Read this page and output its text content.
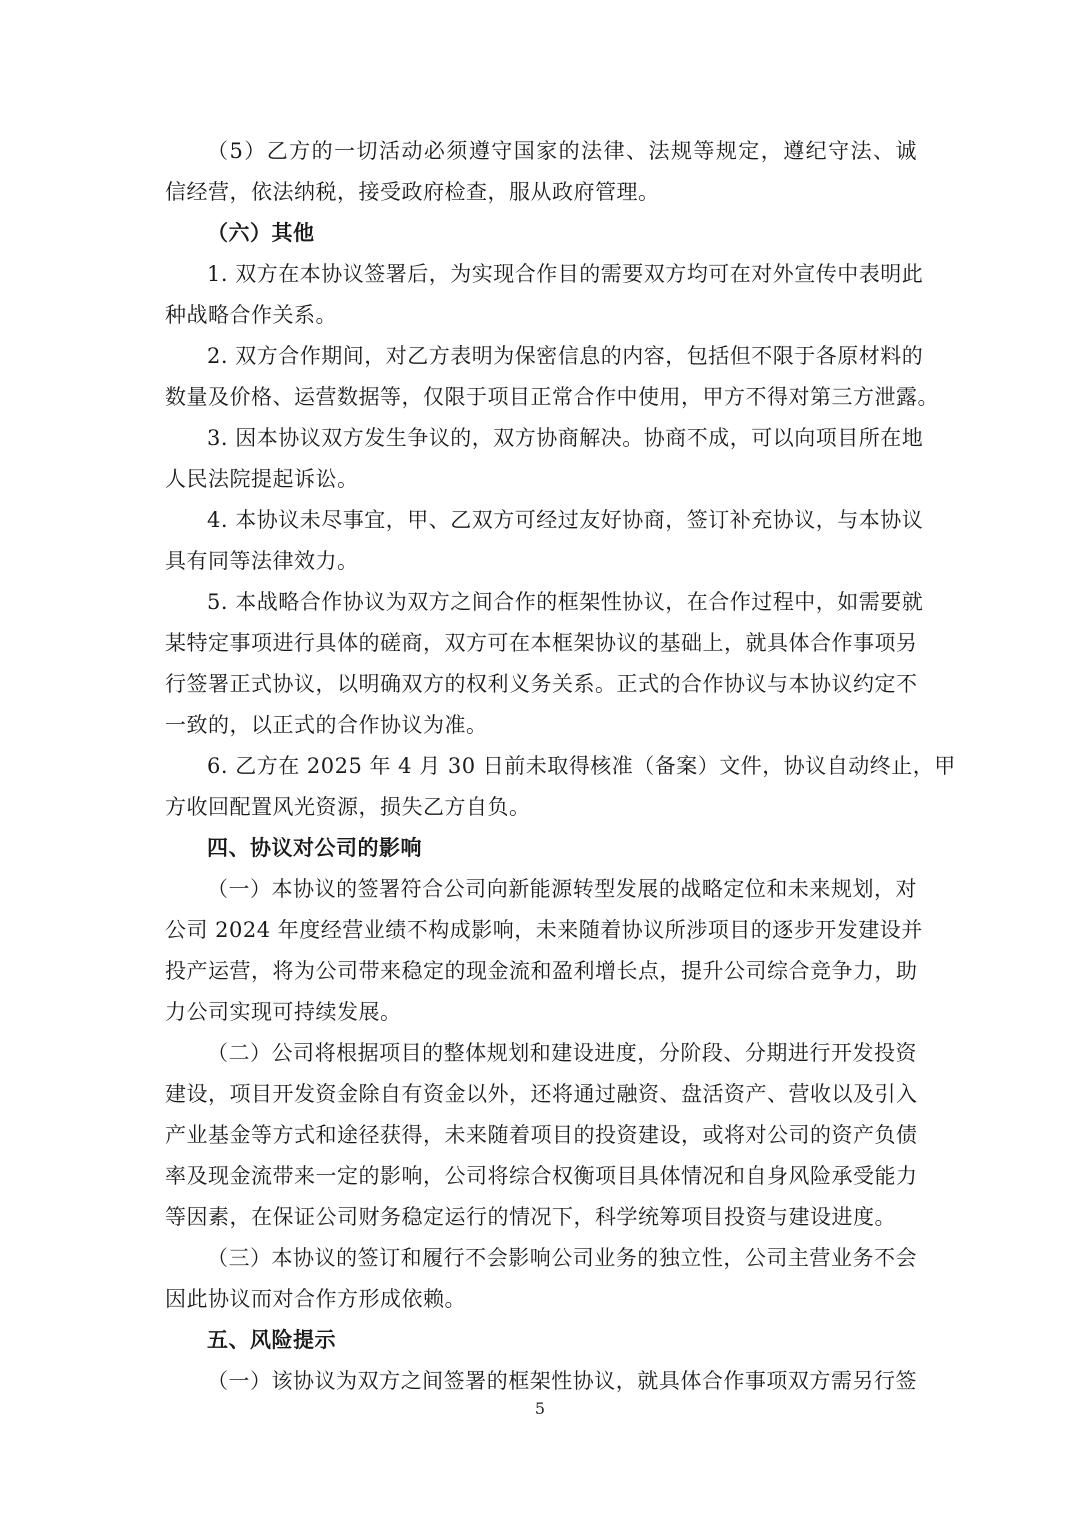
（5）乙方的一切活动必须遵守国家的法律、法规等规定，遵纪守法、诚
信经营，依法纳税，接受政府检查，服从政府管理。
（六）其他
1. 双方在本协议签署后，为实现合作目的需要双方均可在对外宣传中表明此
种战略合作关系。
2. 双方合作期间，对乙方表明为保密信息的内容，包括但不限于各原材料的
数量及价格、运营数据等，仅限于项目正常合作中使用，甲方不得对第三方泄露。
3. 因本协议双方发生争议的，双方协商解决。协商不成，可以向项目所在地
人民法院提起诉讼。
4. 本协议未尽事宜，甲、乙双方可经过友好协商，签订补充协议，与本协议
具有同等法律效力。
5. 本战略合作协议为双方之间合作的框架性协议，在合作过程中，如需要就
某特定事项进行具体的磋商，双方可在本框架协议的基础上，就具体合作事项另
行签署正式协议，以明确双方的权利义务关系。正式的合作协议与本协议约定不
一致的，以正式的合作协议为准。
6. 乙方在 2025 年 4 月 30 日前未取得核准（备案）文件，协议自动终止，甲
方收回配置风光资源，损失乙方自负。
四、协议对公司的影响
（一）本协议的签署符合公司向新能源转型发展的战略定位和未来规划，对
公司 2024 年度经营业绩不构成影响，未来随着协议所涉项目的逐步开发建设并
投产运营，将为公司带来稳定的现金流和盈利增长点，提升公司综合竞争力，助
力公司实现可持续发展。
（二）公司将根据项目的整体规划和建设进度，分阶段、分期进行开发投资
建设，项目开发资金除自有资金以外，还将通过融资、盘活资产、营收以及引入
产业基金等方式和途径获得，未来随着项目的投资建设，或将对公司的资产负债
率及现金流带来一定的影响，公司将综合权衡项目具体情况和自身风险承受能力
等因素，在保证公司财务稳定运行的情况下，科学统筹项目投资与建设进度。
（三）本协议的签订和履行不会影响公司业务的独立性，公司主营业务不会
因此协议而对合作方形成依赖。
五、风险提示
（一）该协议为双方之间签署的框架性协议，就具体合作事项双方需另行签
5
